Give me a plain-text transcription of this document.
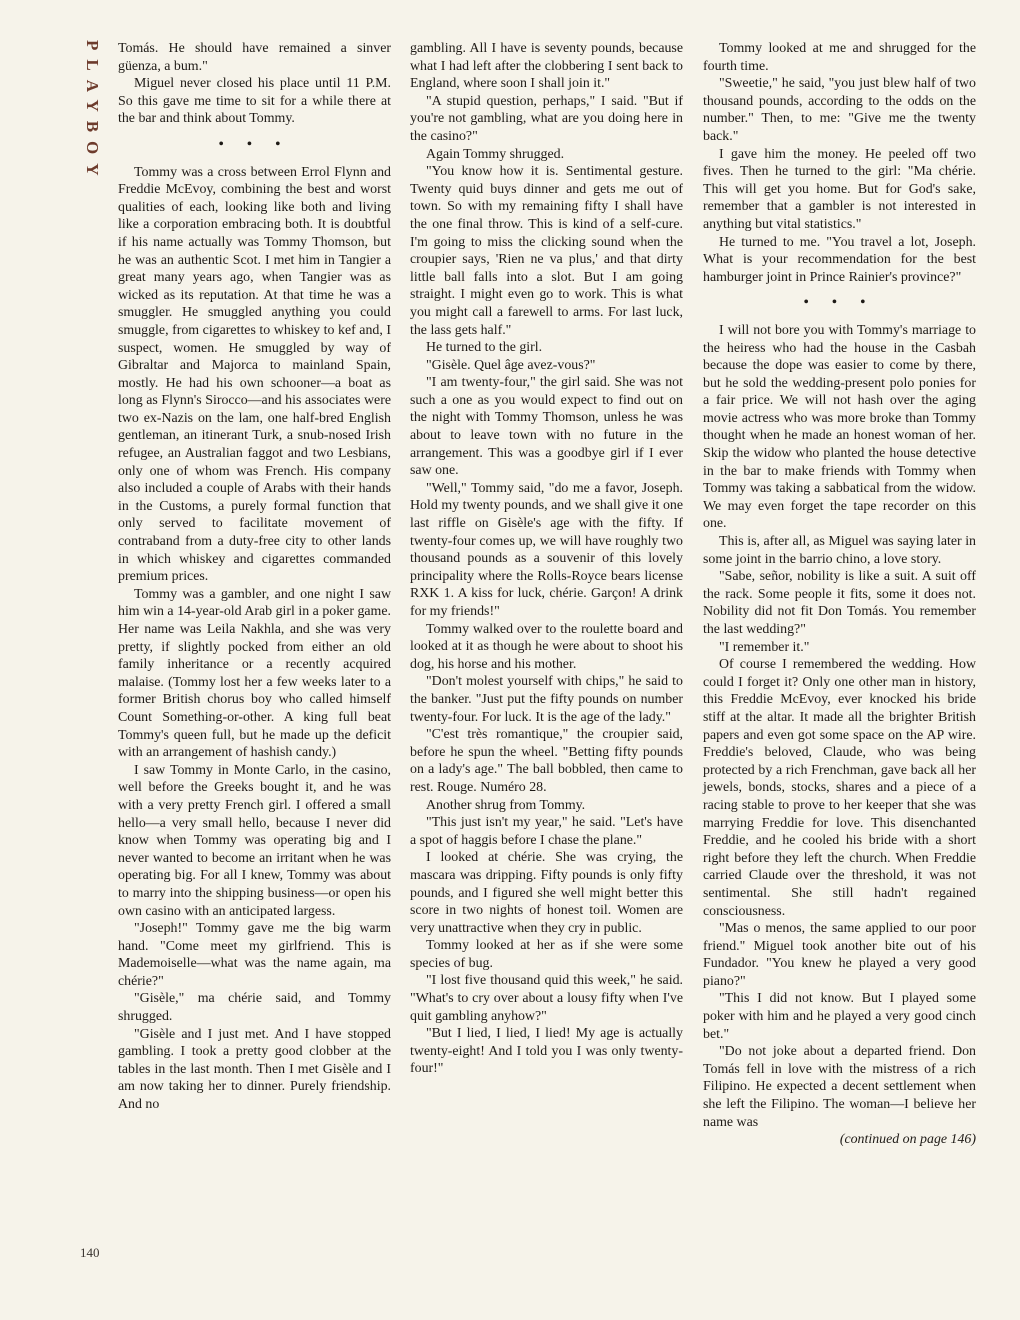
PLAYBOY Tomás. He should have remained a sinver güenza, a bum."

Miguel never closed his place until 11 P.M. So this gave me time to sit for a while there at the bar and think about Tommy.

• • •

Tommy was a cross between Errol Flynn and Freddie McEvoy, combining the best and worst qualities of each, looking like both and living like a corporation embracing both. It is doubtful if his name actually was Tommy Thomson, but he was an authentic Scot. I met him in Tangier a great many years ago, when Tangier was as wicked as its reputation. At that time he was a smuggler. He smuggled anything you could smuggle, from cigarettes to whiskey to kef and, I suspect, women. He smuggled by way of Gibraltar and Majorca to mainland Spain, mostly. He had his own schooner—a boat as long as Flynn's Sirocco—and his associates were two ex-Nazis on the lam, one half-bred English gentleman, an itinerant Turk, a snub-nosed Irish refugee, an Australian faggot and two Lesbians, only one of whom was French. His company also included a couple of Arabs with their hands in the Customs, a purely formal function that only served to facilitate movement of contraband from a duty-free city to other lands in which whiskey and cigarettes commanded premium prices.

Tommy was a gambler, and one night I saw him win a 14-year-old Arab girl in a poker game. Her name was Leila Nakhla, and she was very pretty, if slightly pocked from either an old family inheritance or a recently acquired malaise. (Tommy lost her a few weeks later to a former British chorus boy who called himself Count Something-or-other. A king full beat Tommy's queen full, but he made up the deficit with an arrangement of hashish candy.)

I saw Tommy in Monte Carlo, in the casino, well before the Greeks bought it, and he was with a very pretty French girl. I offered a small hello—a very small hello, because I never did know when Tommy was operating big and I never wanted to become an irritant when he was operating big. For all I knew, Tommy was about to marry into the shipping business—or open his own casino with an anticipated largess.

"Joseph!" Tommy gave me the big warm hand. "Come meet my girlfriend. This is Mademoiselle—what was the name again, ma chérie?"

"Gisèle," ma chérie said, and Tommy shrugged.

"Gisèle and I just met. And I have stopped gambling. I took a pretty good clobber at the tables in the last month. Then I met Gisèle and I am now taking her to dinner. Purely friendship. And no

gambling. All I have is seventy pounds, because what I had left after the clobbering I sent back to England, where soon I shall join it."

"A stupid question, perhaps," I said. "But if you're not gambling, what are you doing here in the casino?"

Again Tommy shrugged.

"You know how it is. Sentimental gesture. Twenty quid buys dinner and gets me out of town. So with my remaining fifty I shall have the one final throw. This is kind of a self-cure. I'm going to miss the clicking sound when the croupier says, 'Rien ne va plus,' and that dirty little ball falls into a slot. But I am going straight. I might even go to work. This is what you might call a farewell to arms. For last luck, the lass gets half."

He turned to the girl.

"Gisèle. Quel âge avez-vous?"

"I am twenty-four," the girl said. She was not such a one as you would expect to find out on the night with Tommy Thomson, unless he was about to leave town with no future in the arrangement. This was a goodbye girl if I ever saw one.

"Well," Tommy said, "do me a favor, Joseph. Hold my twenty pounds, and we shall give it one last riffle on Gisèle's age with the fifty. If twenty-four comes up, we will have roughly two thousand pounds as a souvenir of this lovely principality where the Rolls-Royce bears license RXK 1. A kiss for luck, chérie. Garçon! A drink for my friends!"

Tommy walked over to the roulette board and looked at it as though he were about to shoot his dog, his horse and his mother.

"Don't molest yourself with chips," he said to the banker. "Just put the fifty pounds on number twenty-four. For luck. It is the age of the lady."

"C'est très romantique," the croupier said, before he spun the wheel. "Betting fifty pounds on a lady's age." The ball bobbled, then came to rest. Rouge. Numéro 28.

Another shrug from Tommy.

"This just isn't my year," he said. "Let's have a spot of haggis before I chase the plane."

I looked at chérie. She was crying, the mascara was dripping. Fifty pounds is only fifty pounds, and I figured she well might better this score in two nights of honest toil. Women are very unattractive when they cry in public.

Tommy looked at her as if she were some species of bug.

"I lost five thousand quid this week," he said. "What's to cry over about a lousy fifty when I've quit gambling anyhow?"

"But I lied, I lied, I lied! My age is actually twenty-eight! And I told you I was only twenty-four!"

Tommy looked at me and shrugged for the fourth time.

"Sweetie," he said, "you just blew half of two thousand pounds, according to the odds on the number." Then, to me: "Give me the twenty back."

I gave him the money. He peeled off two fives. Then he turned to the girl: "Ma chérie. This will get you home. But for God's sake, remember that a gambler is not interested in anything but vital statistics."

He turned to me. "You travel a lot, Joseph. What is your recommendation for the best hamburger joint in Prince Rainier's province?"

• • •

I will not bore you with Tommy's marriage to the heiress who had the house in the Casbah because the dope was easier to come by there, but he sold the wedding-present polo ponies for a fair price. We will not hash over the aging movie actress who was more broke than Tommy thought when he made an honest woman of her. Skip the widow who planted the house detective in the bar to make friends with Tommy when Tommy was taking a sabbatical from the widow. We may even forget the tape recorder on this one.

This is, after all, as Miguel was saying later in some joint in the barrio chino, a love story.

"Sabe, señor, nobility is like a suit. A suit off the rack. Some people it fits, some it does not. Nobility did not fit Don Tomás. You remember the last wedding?"

"I remember it."

Of course I remembered the wedding. How could I forget it? Only one other man in history, this Freddie McEvoy, ever knocked his bride stiff at the altar. It made all the brighter British papers and even got some space on the AP wire. Freddie's beloved, Claude, who was being protected by a rich Frenchman, gave back all her jewels, bonds, stocks, shares and a piece of a racing stable to prove to her keeper that she was marrying Freddie for love. This disenchanted Freddie, and he cooled his bride with a short right before they left the church. When Freddie carried Claude over the threshold, it was not sentimental. She still hadn't regained consciousness.

"Mas o menos, the same applied to our poor friend." Miguel took another bite out of his Fundador. "You knew he played a very good piano?"

"This I did not know. But I played some poker with him and he played a very good cinch bet."

"Do not joke about a departed friend. Don Tomás fell in love with the mistress of a rich Filipino. He expected a decent settlement when she left the Filipino. The woman—I believe her name was

(continued on page 146)

140
